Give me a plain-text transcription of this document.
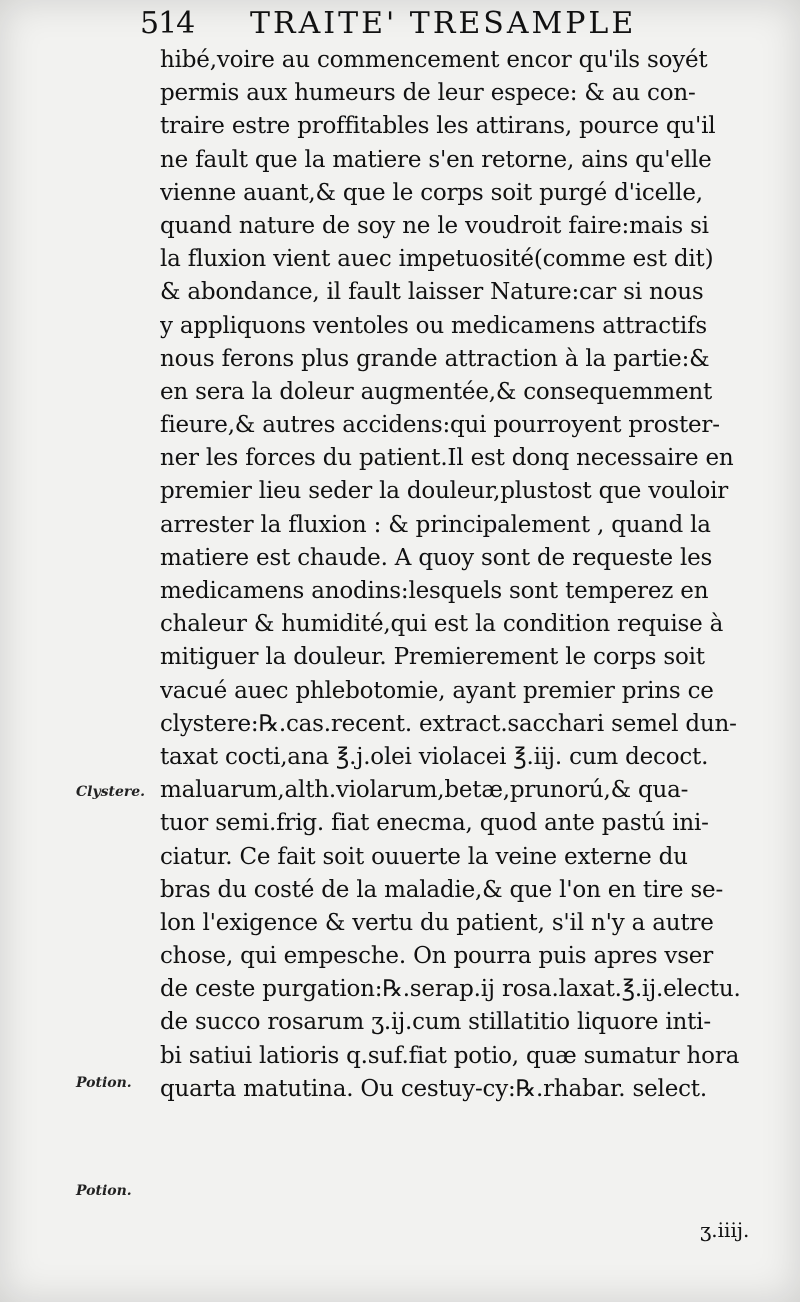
514 TRAITE' TRESAMPLE
hibé,voire au commencement encor qu'ils soyét
permis aux humeurs de leur espece: & au con-
traire estre proffitables les attirans, pource qu'il
ne fault que la matiere s'en retorne, ains qu'elle
vienne auant,& que le corps soit purgé d'icelle,
quand nature de soy ne le voudroit faire:mais si
la fluxion vient auec impetuosité(comme est dit)
& abondance, il fault laisser Nature:car si nous
y appliquons ventoles ou medicamens attractifs
nous ferons plus grande attraction à la partie:&
en sera la doleur augmentée,& consequemment
fieure,& autres accidens:qui pourroyent proster-
ner les forces du patient.Il est donq necessaire en
premier lieu seder la douleur,plustost que vouloir
arrester la fluxion : & principalement , quand la
matiere est chaude. A quoy sont de requeste les
medicamens anodins:lesquels sont temperez en
chaleur & humidité,qui est la condition requise à
mitiguer la douleur. Premierement le corps soit
vacué auec phlebotomie, ayant premier prins ce
clystere:℞.cas.recent. extract.sacchari semel dun-
taxat cocti,ana ℥.j.olei violacei ℥.iij. cum decoct.
maluarum,alth.violarum,betæ,prunorú,& qua-
tuor semi.frig. fiat enecma, quod ante pastú ini-
ciatur. Ce fait soit ouuerte la veine externe du
bras du costé de la maladie,& que l'on en tire se-
lon l'exigence & vertu du patient, s'il n'y a autre
chose, qui empesche. On pourra puis apres vser
de ceste purgation:℞.serap.ij rosa.laxat.℥.ij.electu.
de succo rosarum ʒ.ij.cum stillatitio liquore inti-
bi satiui latioris q.suf.fiat potio, quæ sumatur hora
quarta matutina. Ou cestuy-cy:℞.rhabar. select.
Clystere.
Potion.
Potion.
ʒ.iiij.
